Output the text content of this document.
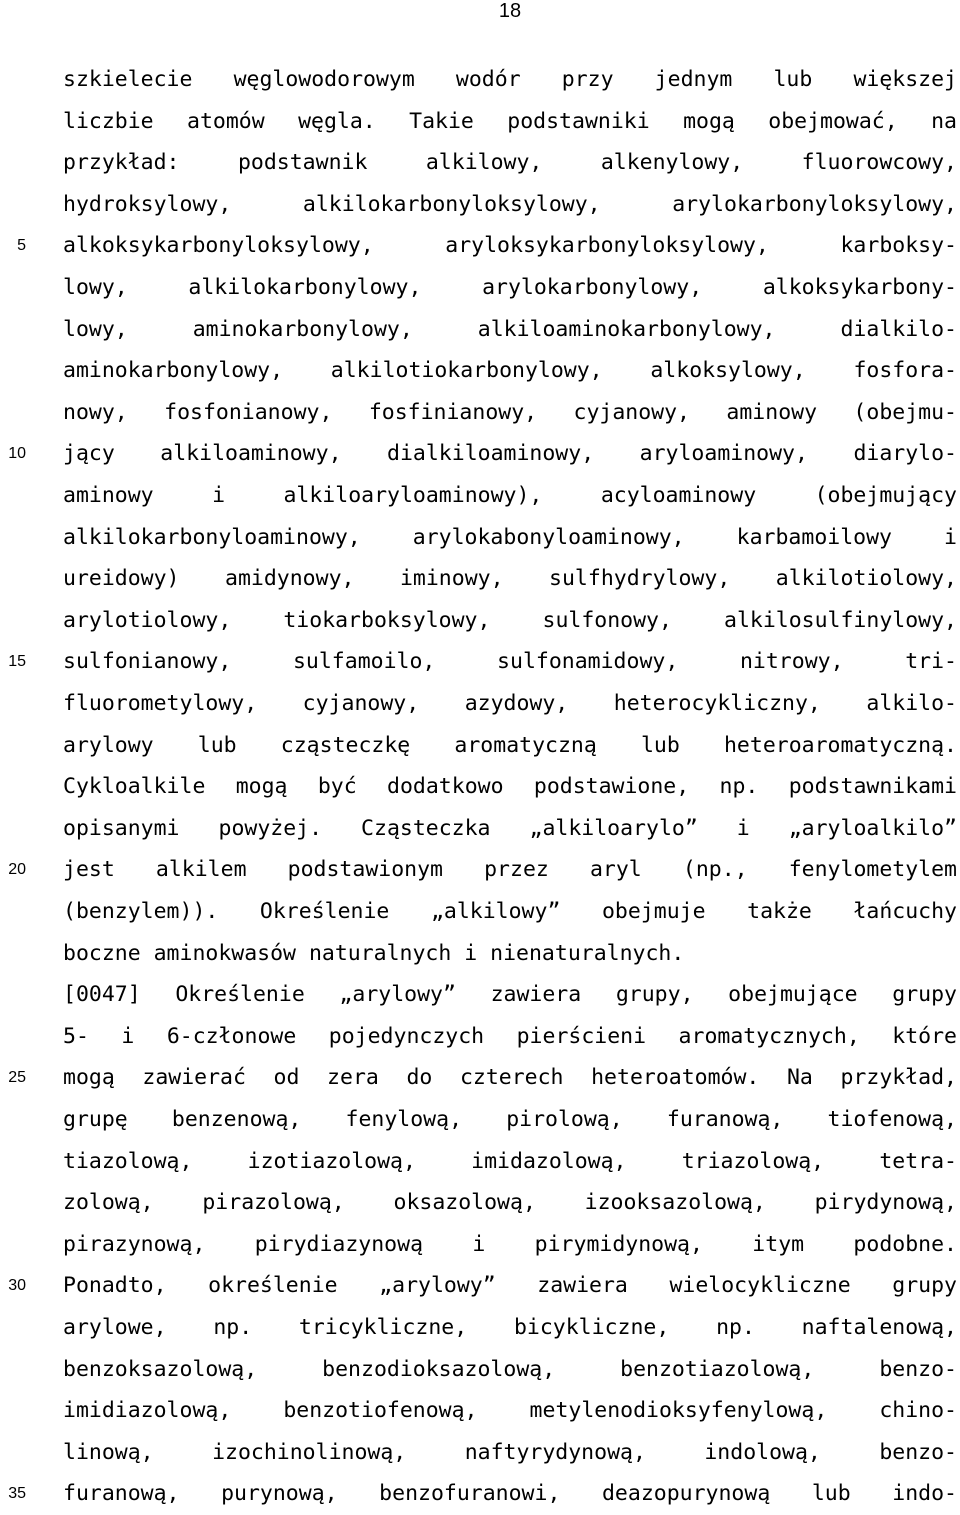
18
szkielecie węglowodorowym wodór przy jednym lub większej
liczbie atomów węgla. Takie podstawniki mogą obejmować, na
przykład: podstawnik alkilowy, alkenylowy, fluorowcowy,
hydroksylowy, alkilokarbonyloksylowy, arylokarbonyloksylowy,
alkoksykarbonyloksylowy, aryloksykarbonyloksylowy, karboksy-
lowy, alkilokarbonylowy, arylokarbonylowy, alkoksykarbony-
lowy, aminokarbonylowy, alkiloaminokarbonylowy, dialkilo-
aminokarbonylowy, alkilotiokarbonylowy, alkoksylowy, fosfora-
nowy, fosfonianowy, fosfinianowy, cyjanowy, aminowy (obejmu-
jący alkiloaminowy, dialkiloaminowy, aryloaminowy, diarylo-
aminowy i alkiloaryloaminowy), acyloaminowy (obejmujący
alkilokarbonyloaminowy, arylokabonyloaminowy, karbamoilowy i
ureidowy) amidynowy, iminowy, sulfhydrylowy, alkilotiolowy,
arylotiolowy, tiokarboksylowy, sulfonowy, alkilosulfinylowy,
sulfonianowy, sulfamoilo, sulfonamidowy, nitrowy, tri-
fluorometylowy, cyjanowy, azydowy, heterocykliczny, alkilo-
arylowy lub cząsteczkę aromatyczną lub heteroaromatyczną.
Cykloalkile mogą być dodatkowo podstawione, np. podstawnikami
opisanymi powyżej. Cząsteczka „alkiloarylo” i „aryloalkilo”
jest alkilem podstawionym przez aryl (np., fenylometylem
(benzylem)). Określenie „alkilowy” obejmuje także łańcuchy
boczne aminokwasów naturalnych i nienaturalnych.
[0047] Określenie „arylowy” zawiera grupy, obejmujące grupy
5- i 6-członowe pojedynczych pierścieni aromatycznych, które
mogą zawierać od zera do czterech heteroatomów. Na przykład,
grupę benzenową, fenylową, pirolową, furanową, tiofenową,
tiazolową, izotiazolową, imidazolową, triazolową, tetra-
zolową, pirazolową, oksazolową, izooksazolową, pirydynową,
pirazynową, pirydiazynową i pirymidynową, itym podobne.
Ponadto, określenie „arylowy” zawiera wielocykliczne grupy
arylowe, np. tricykliczne, bicykliczne, np. naftalenową,
benzoksazolową, benzodioksazolową, benzotiazolową, benzo-
imidiazolową, benzotiofenową, metylenodioksyfenylową, chino-
linową, izochinolinową, naftyrydynową, indolową, benzo-
furanową, purynową, benzofuranowi, deazopurynową lub indo-
5
10
15
20
25
30
35
